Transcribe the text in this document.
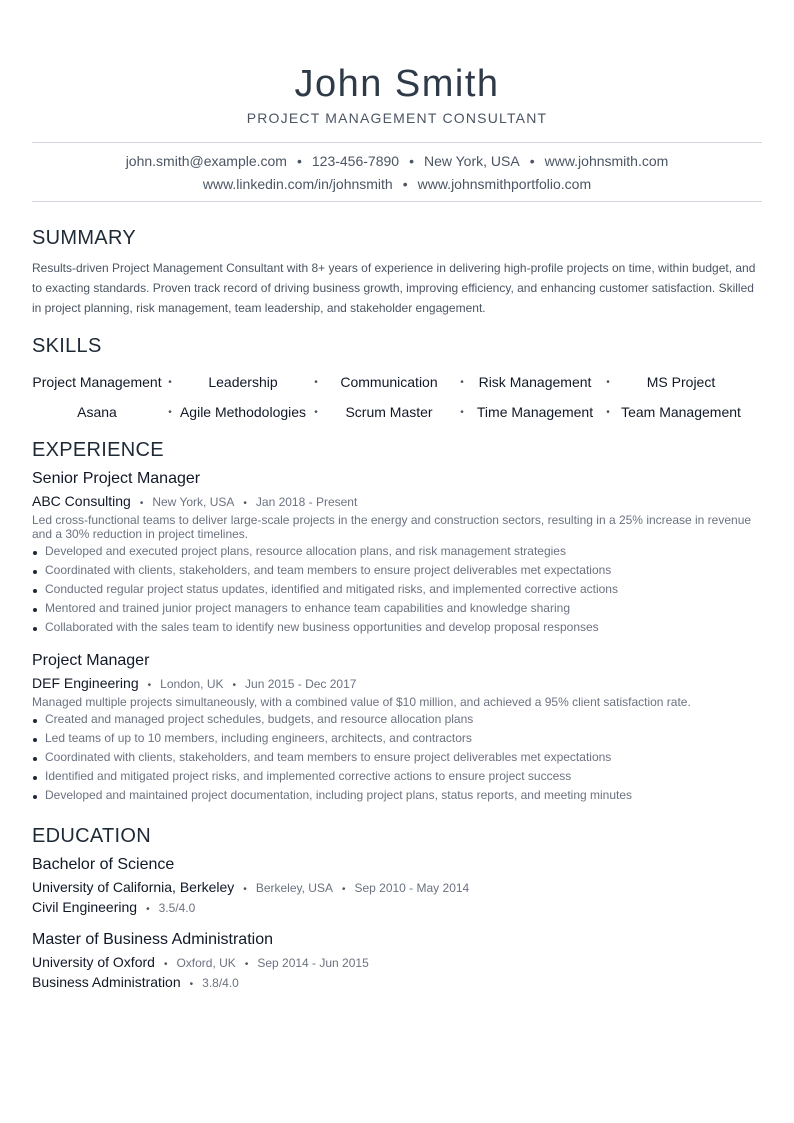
John Smith
PROJECT MANAGEMENT CONSULTANT
john.smith@example.com • 123-456-7890 • New York, USA • www.johnsmith.com
www.linkedin.com/in/johnsmith • www.johnsmithportfolio.com
SUMMARY
Results-driven Project Management Consultant with 8+ years of experience in delivering high-profile projects on time, within budget, and to exacting standards. Proven track record of driving business growth, improving efficiency, and enhancing customer satisfaction. Skilled in project planning, risk management, team leadership, and stakeholder engagement.
SKILLS
Project Management •	Leadership	•	Communication	•	Risk Management	•	MS Project
Asana	• Agile Methodologies •	Scrum Master	• Time Management	• Team Management
EXPERIENCE
Senior Project Manager
ABC Consulting • New York, USA • Jan 2018 - Present
Led cross-functional teams to deliver large-scale projects in the energy and construction sectors, resulting in a 25% increase in revenue and a 30% reduction in project timelines.
Developed and executed project plans, resource allocation plans, and risk management strategies
Coordinated with clients, stakeholders, and team members to ensure project deliverables met expectations
Conducted regular project status updates, identified and mitigated risks, and implemented corrective actions
Mentored and trained junior project managers to enhance team capabilities and knowledge sharing
Collaborated with the sales team to identify new business opportunities and develop proposal responses
Project Manager
DEF Engineering • London, UK • Jun 2015 - Dec 2017
Managed multiple projects simultaneously, with a combined value of $10 million, and achieved a 95% client satisfaction rate.
Created and managed project schedules, budgets, and resource allocation plans
Led teams of up to 10 members, including engineers, architects, and contractors
Coordinated with clients, stakeholders, and team members to ensure project deliverables met expectations
Identified and mitigated project risks, and implemented corrective actions to ensure project success
Developed and maintained project documentation, including project plans, status reports, and meeting minutes
EDUCATION
Bachelor of Science
University of California, Berkeley • Berkeley, USA • Sep 2010 - May 2014
Civil Engineering • 3.5/4.0
Master of Business Administration
University of Oxford • Oxford, UK • Sep 2014 - Jun 2015
Business Administration • 3.8/4.0
